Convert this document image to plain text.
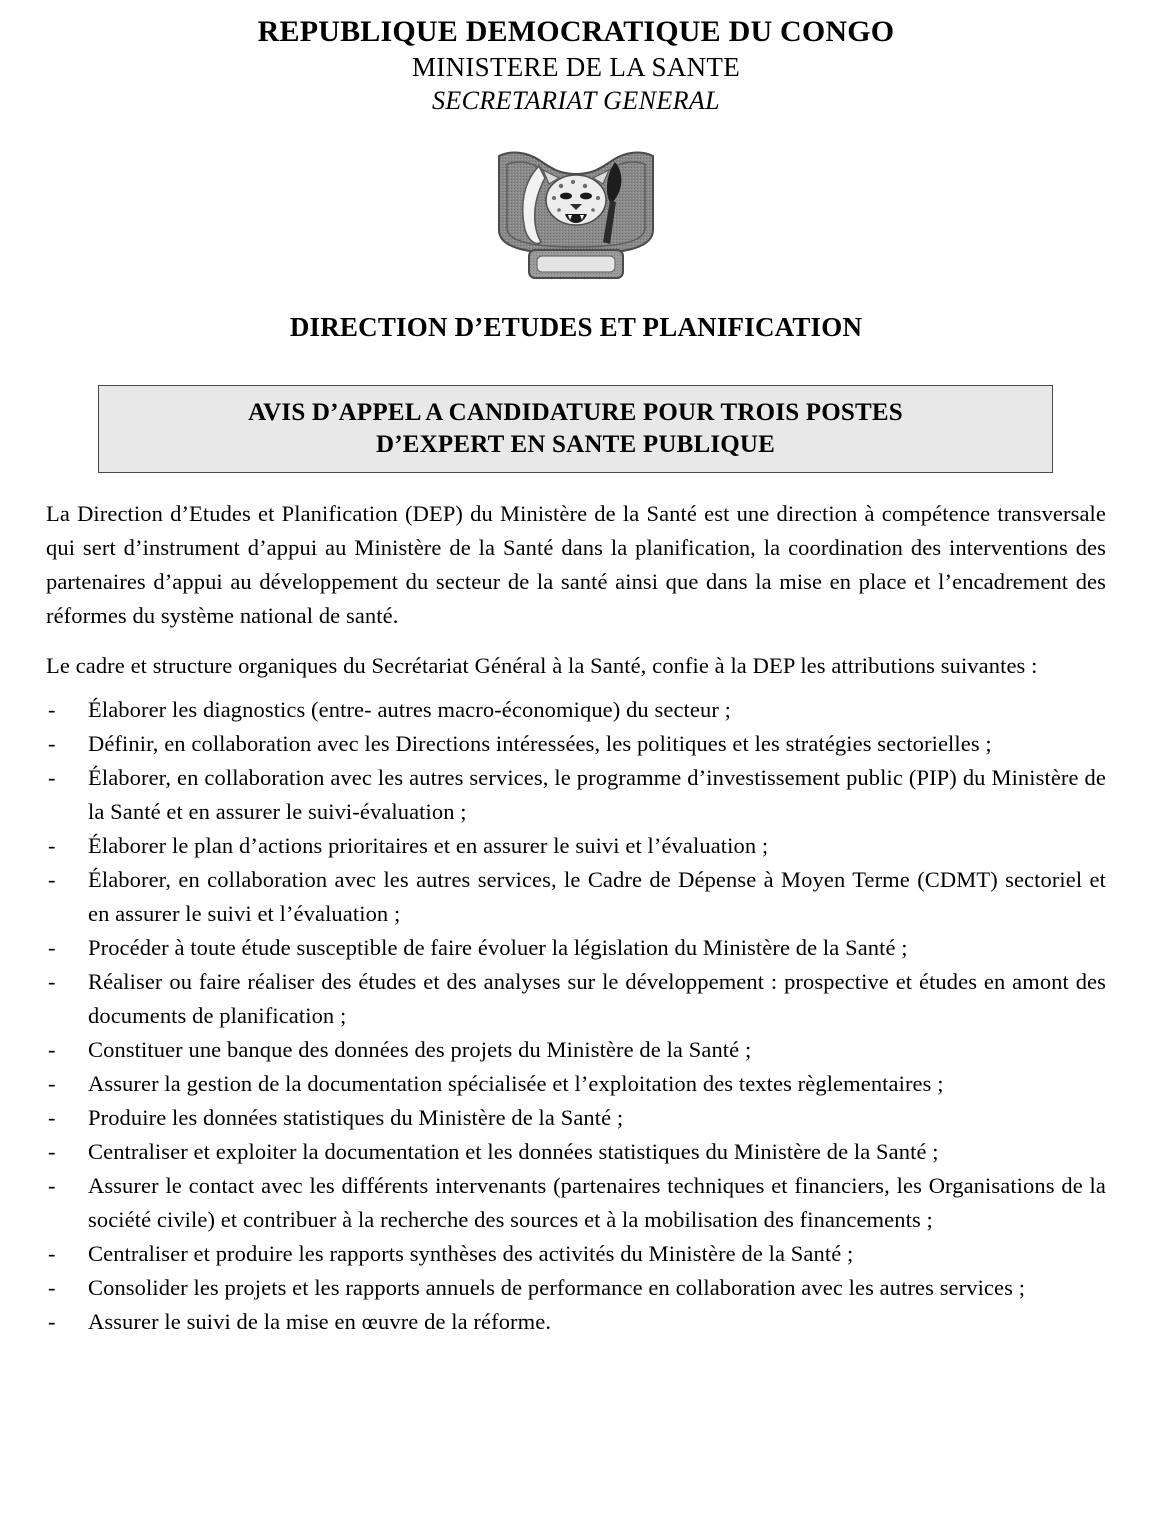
REPUBLIQUE DEMOCRATIQUE DU CONGO
MINISTERE DE LA SANTE
SECRETARIAT GENERAL
DIRECTION D’ETUDES ET PLANIFICATION
AVIS D’APPEL A CANDIDATURE POUR TROIS POSTES
D’EXPERT EN SANTE PUBLIQUE

La Direction d’Etudes et Planification (DEP) du Ministère de la Santé est une direction à compétence transversale qui sert d’instrument d’appui au Ministère de la Santé dans la planification, la coordination des interventions des partenaires d’appui au développement du secteur de la santé ainsi que dans la mise en place et l’encadrement des réformes du système national de santé.

Le cadre et structure organiques du Secrétariat Général à la Santé, confie à la DEP les attributions suivantes :

- Élaborer les diagnostics (entre- autres macro-économique) du secteur ;
- Définir, en collaboration avec les Directions intéressées, les politiques et les stratégies sectorielles ;
- Élaborer, en collaboration avec les autres services, le programme d’investissement public (PIP) du Ministère de la Santé et en assurer le suivi-évaluation ;
- Élaborer le plan d’actions prioritaires et en assurer le suivi et l’évaluation ;
- Élaborer, en collaboration avec les autres services, le Cadre de Dépense à Moyen Terme (CDMT) sectoriel et en assurer le suivi et l’évaluation ;
- Procéder à toute étude susceptible de faire évoluer la législation du Ministère de la Santé ;
- Réaliser ou faire réaliser des études et des analyses sur le développement : prospective et études en amont des documents de planification ;
- Constituer une banque des données des projets du Ministère de la Santé ;
- Assurer la gestion de la documentation spécialisée et l’exploitation des textes règlementaires ;
- Produire les données statistiques du Ministère de la Santé ;
- Centraliser et exploiter la documentation et les données statistiques du Ministère de la Santé ;
- Assurer le contact avec les différents intervenants (partenaires techniques et financiers, les Organisations de la société civile) et contribuer à la recherche des sources et à la mobilisation des financements ;
- Centraliser et produire les rapports synthèses des activités du Ministère de la Santé ;
- Consolider les projets et les rapports annuels de performance en collaboration avec les autres services ;
- Assurer le suivi de la mise en œuvre de la réforme.
